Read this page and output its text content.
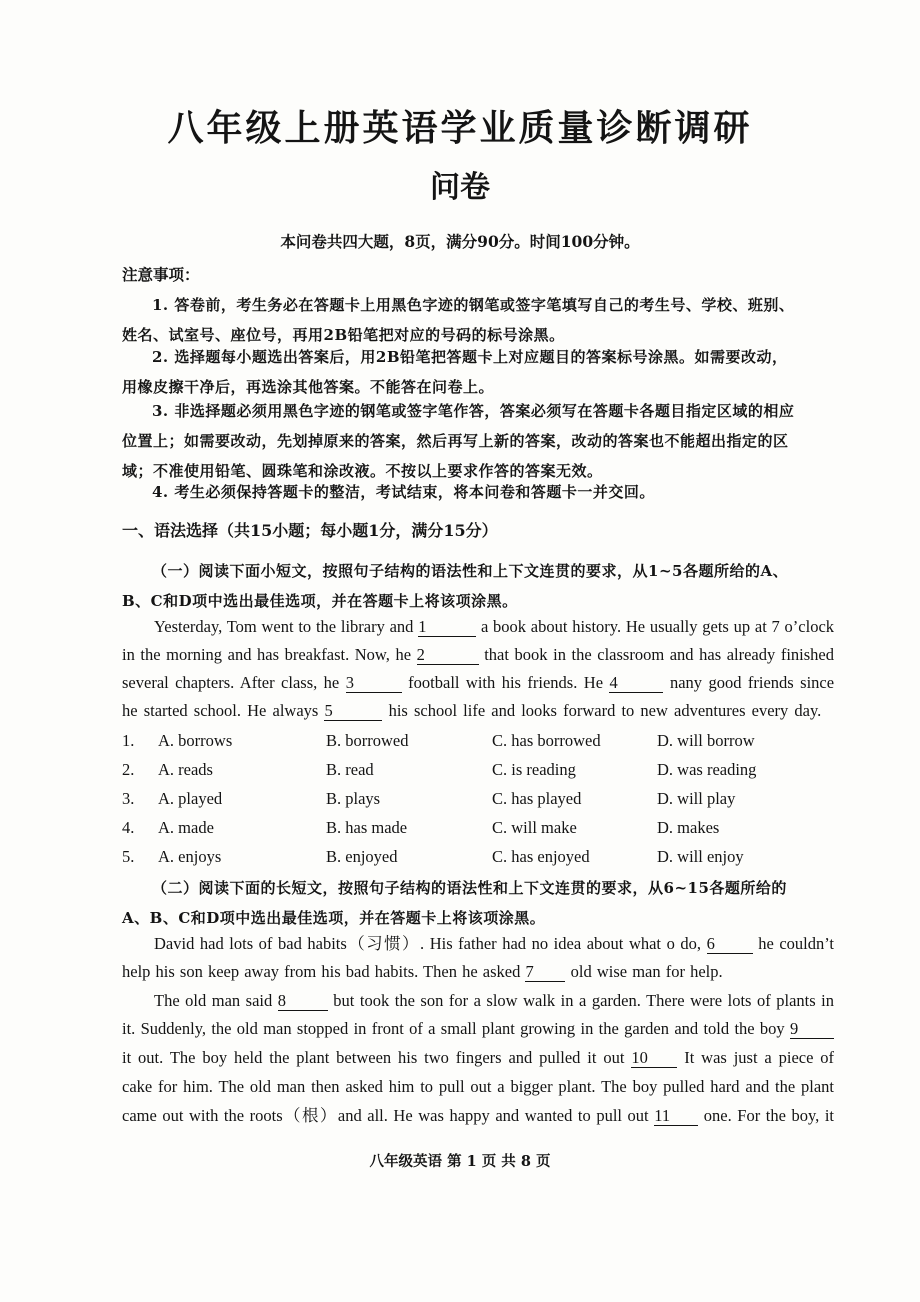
八年级上册英语学业质量诊断调研
问卷
本问卷共四大题，8页，满分90分。时间100分钟。
注意事项：
1. 答卷前，考生务必在答题卡上用黑色字迹的钢笔或签字笔填写自己的考生号、学校、班别、
姓名、试室号、座位号，再用2B铅笔把对应的号码的标号涂黑。
2. 选择题每小题选出答案后，用2B铅笔把答题卡上对应题目的答案标号涂黑。如需要改动，
用橡皮擦干净后，再选涂其他答案。不能答在问卷上。
3. 非选择题必须用黑色字迹的钢笔或签字笔作答，答案必须写在答题卡各题目指定区域的相应
位置上；如需要改动，先划掉原来的答案，然后再写上新的答案，改动的答案也不能超出指定的区
域；不准使用铅笔、圆珠笔和涂改液。不按以上要求作答的答案无效。
4. 考生必须保持答题卡的整洁，考试结束，将本问卷和答题卡一并交回。
一、语法选择（共15小题；每小题1分，满分15分）
（一）阅读下面小短文，按照句子结构的语法性和上下文连贯的要求，从1~5各题所给的A、
B、C和D项中选出最佳选项，并在答题卡上将该项涂黑。
Yesterday, Tom went to the library and 1	a book about history. He usually gets up at 7 o’clock
in the morning and has breakfast. Now, he 2	that book in the classroom and has already finished
several chapters. After class, he 3	football with his friends. He 4	nany good friends since
he started school. He always 5	his school life and looks forward to new adventures every day.
1. A. borrows	B. borrowed	C. has borrowed	D. will borrow
2. A. reads	B. read	C. is reading	D. was reading
3. A. played	B. plays	C. has played	D. will play
4. A. made	B. has made	C. will make	D. makes
5. A. enjoys	B. enjoyed	C. has enjoyed	D. will enjoy
（二）阅读下面的长短文，按照句子结构的语法性和上下文连贯的要求，从6~15各题所给的
A、B、C和D项中选出最佳选项，并在答题卡上将该项涂黑。
David had lots of bad habits（习惯）. His father had no idea about what o do, 6	he couldn’t
help his son keep away from his bad habits. Then he asked 7 old wise man for help.
The old man said 8	but took the son for a slow walk in a garden. There were lots of plants in
it. Suddenly, the old man stopped in front of a small plant growing in the garden and told the boy 9
it out. The boy held the plant between his two fingers and pulled it out 10 It was just a piece of
cake for him. The old man then asked him to pull out a bigger plant. The boy pulled hard and the plant
came out with the roots（根）and all. He was happy and wanted to pull out 11 one. For the boy, it
八年级英语 第 1 页 共 8 页
